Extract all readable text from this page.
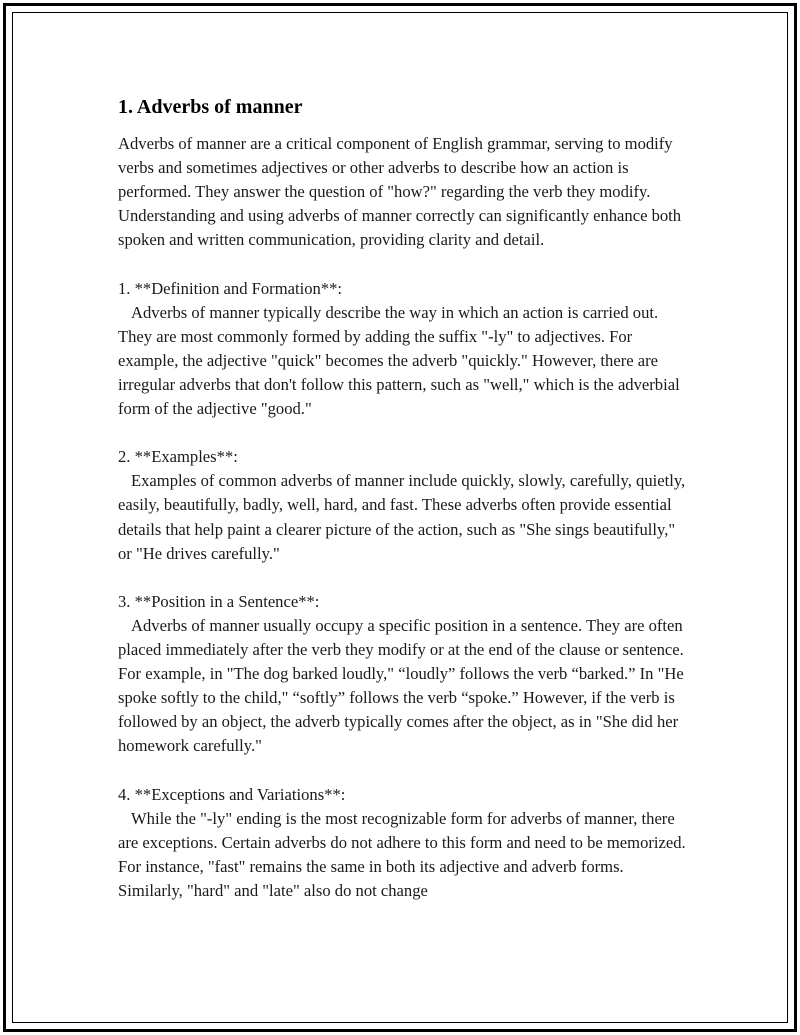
1. Adverbs of manner

Adverbs of manner are a critical component of English grammar, serving to modify verbs and sometimes adjectives or other adverbs to describe how an action is performed. They answer the question of "how?" regarding the verb they modify. Understanding and using adverbs of manner correctly can significantly enhance both spoken and written communication, providing clarity and detail.

1. **Definition and Formation**:
Adverbs of manner typically describe the way in which an action is carried out. They are most commonly formed by adding the suffix "-ly" to adjectives. For example, the adjective "quick" becomes the adverb "quickly." However, there are irregular adverbs that don't follow this pattern, such as "well," which is the adverbial form of the adjective "good."
2. **Examples**:
Examples of common adverbs of manner include quickly, slowly, carefully, quietly, easily, beautifully, badly, well, hard, and fast. These adverbs often provide essential details that help paint a clearer picture of the action, such as "She sings beautifully," or "He drives carefully."
3. **Position in a Sentence**:
Adverbs of manner usually occupy a specific position in a sentence. They are often placed immediately after the verb they modify or at the end of the clause or sentence. For example, in "The dog barked loudly," “loudly” follows the verb “barked.” In "He spoke softly to the child," “softly” follows the verb “spoke.” However, if the verb is followed by an object, the adverb typically comes after the object, as in "She did her homework carefully."
4. **Exceptions and Variations**:
While the "-ly" ending is the most recognizable form for adverbs of manner, there are exceptions. Certain adverbs do not adhere to this form and need to be memorized. For instance, "fast" remains the same in both its adjective and adverb forms. Similarly, "hard" and "late" also do not change
